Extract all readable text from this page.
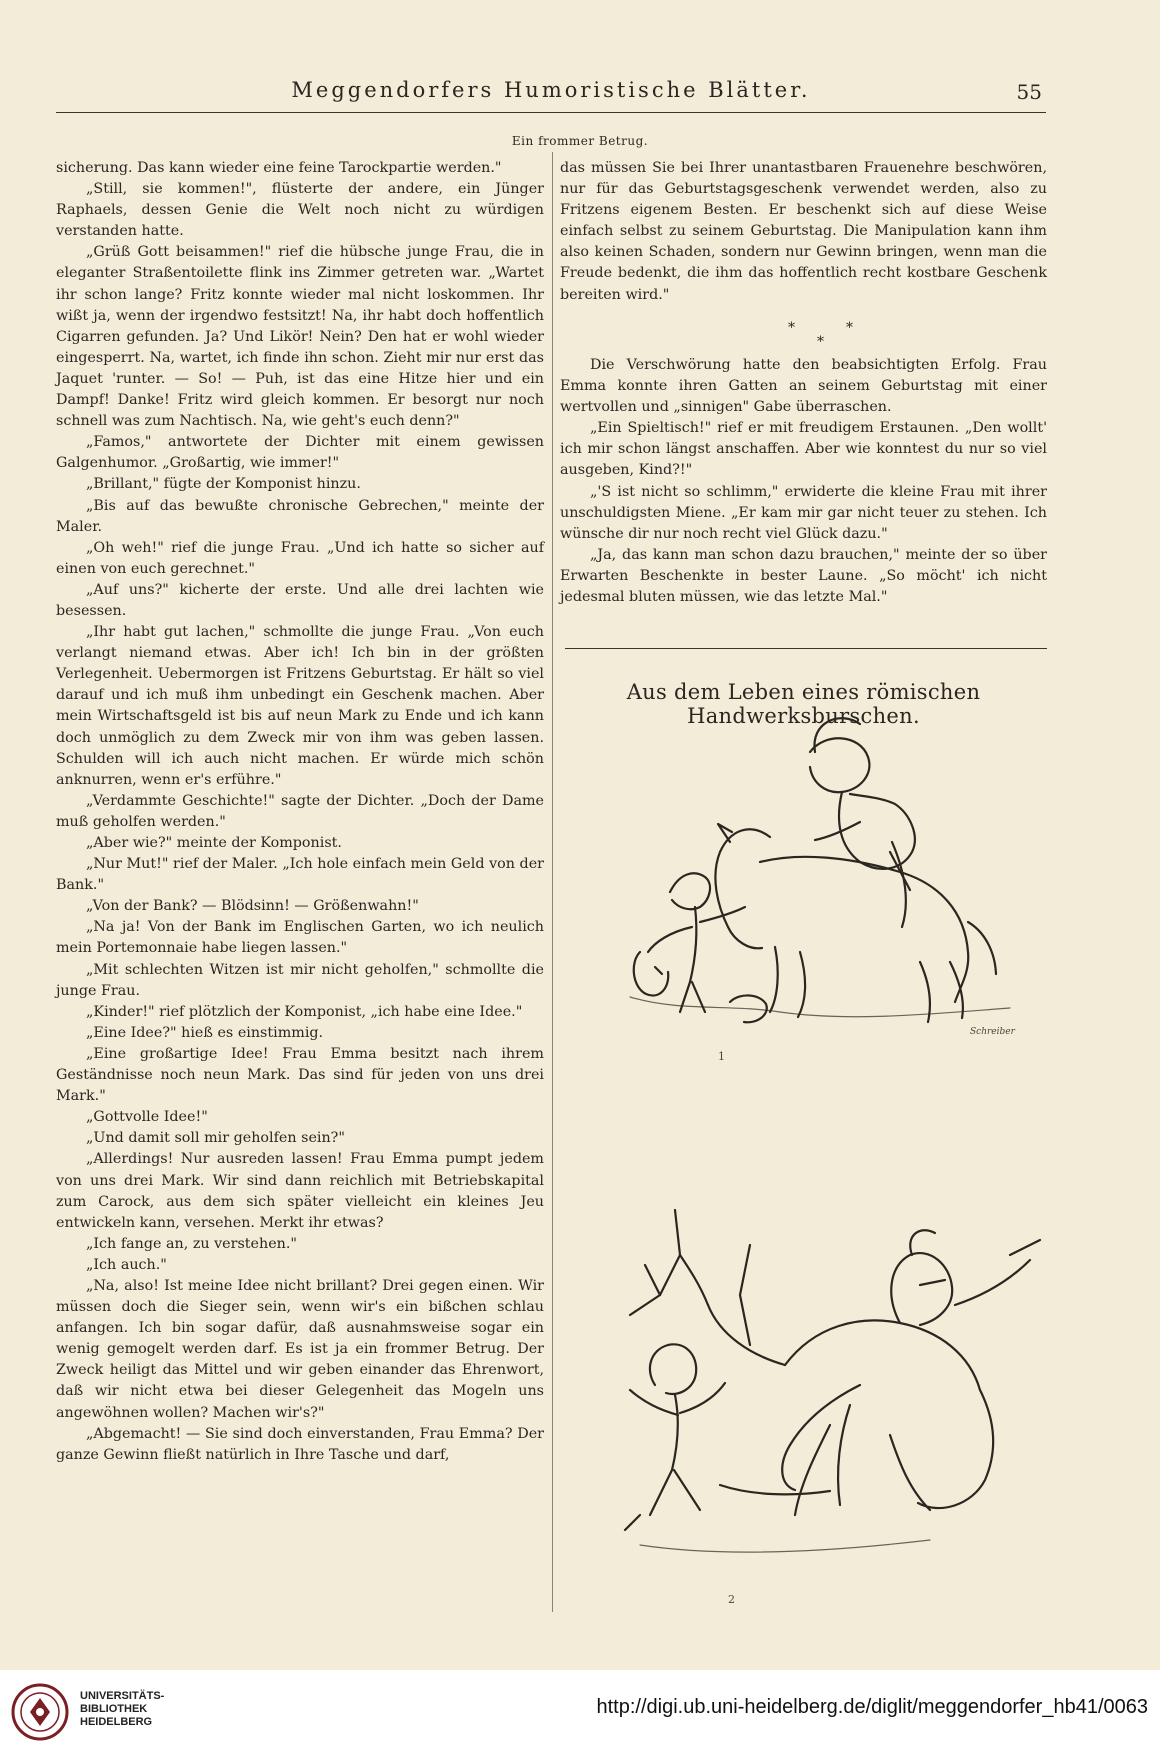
Meggendorfers Humoristische Blätter.	55
Ein frommer Betrug.

sicherung. Das kann wieder eine feine Tarockpartie werden."

„Still, sie kommen!", flüsterte der andere, ein Jünger Raphaels, dessen Genie die Welt noch nicht zu würdigen verstanden hatte.

„Grüß Gott beisammen!" rief die hübsche junge Frau, die in eleganter Straßentoilette flink ins Zimmer getreten war. „Wartet ihr schon lange? Fritz konnte wieder mal nicht loskommen. Ihr wißt ja, wenn der irgendwo festsitzt! Na, ihr habt doch hoffentlich Cigarren gefunden. Ja? Und Likör! Nein? Den hat er wohl wieder eingesperrt. Na, wartet, ich finde ihn schon. Zieht mir nur erst das Jaquet 'runter. — So! — Puh, ist das eine Hitze hier und ein Dampf! Danke! Fritz wird gleich kommen. Er besorgt nur noch schnell was zum Nachtisch. Na, wie geht's euch denn?"

„Famos," antwortete der Dichter mit einem gewissen Galgenhumor. „Großartig, wie immer!"

„Brillant," fügte der Komponist hinzu.

„Bis auf das bewußte chronische Gebrechen," meinte der Maler.

„Oh weh!" rief die junge Frau. „Und ich hatte so sicher auf einen von euch gerechnet."

„Auf uns?" kicherte der erste. Und alle drei lachten wie besessen.

„Ihr habt gut lachen," schmollte die junge Frau. „Von euch verlangt niemand etwas. Aber ich! Ich bin in der größten Verlegenheit. Uebermorgen ist Fritzens Geburtstag. Er hält so viel darauf und ich muß ihm unbedingt ein Geschenk machen. Aber mein Wirtschaftsgeld ist bis auf neun Mark zu Ende und ich kann doch unmöglich zu dem Zweck mir von ihm was geben lassen. Schulden will ich auch nicht machen. Er würde mich schön anknurren, wenn er's erführe."

„Verdammte Geschichte!" sagte der Dichter. „Doch der Dame muß geholfen werden."

„Aber wie?" meinte der Komponist.

„Nur Mut!" rief der Maler. „Ich hole einfach mein Geld von der Bank."

„Von der Bank? — Blödsinn! — Größenwahn!"

„Na ja! Von der Bank im Englischen Garten, wo ich neulich mein Portemonnaie habe liegen lassen."

„Mit schlechten Witzen ist mir nicht geholfen," schmollte die junge Frau.

„Kinder!" rief plötzlich der Komponist, „ich habe eine Idee."

„Eine Idee?" hieß es einstimmig.

„Eine großartige Idee! Frau Emma besitzt nach ihrem Geständnisse noch neun Mark. Das sind für jeden von uns drei Mark."

„Gottvolle Idee!"

„Und damit soll mir geholfen sein?"

„Allerdings! Nur ausreden lassen! Frau Emma pumpt jedem von uns drei Mark. Wir sind dann reichlich mit Betriebskapital zum Carock, aus dem sich später vielleicht ein kleines Jeu entwickeln kann, versehen. Merkt ihr etwas?

„Ich fange an, zu verstehen."

„Ich auch."

„Na, also! Ist meine Idee nicht brillant? Drei gegen einen. Wir müssen doch die Sieger sein, wenn wir's ein bißchen schlau anfangen. Ich bin sogar dafür, daß ausnahmsweise sogar ein wenig gemogelt werden darf. Es ist ja ein frommer Betrug. Der Zweck heiligt das Mittel und wir geben einander das Ehrenwort, daß wir nicht etwa bei dieser Gelegenheit das Mogeln uns angewöhnen wollen? Machen wir's?"

„Abgemacht! — Sie sind doch einverstanden, Frau Emma? Der ganze Gewinn fließt natürlich in Ihre Tasche und darf,

das müssen Sie bei Ihrer unantastbaren Frauenehre beschwören, nur für das Geburtstagsgeschenk verwendet werden, also zu Fritzens eigenem Besten. Er beschenkt sich auf diese Weise einfach selbst zu seinem Geburtstag. Die Manipulation kann ihm also keinen Schaden, sondern nur Gewinn bringen, wenn man die Freude bedenkt, die ihm das hoffentlich recht kostbare Geschenk bereiten wird."

*	*
*

Die Verschwörung hatte den beabsichtigten Erfolg. Frau Emma konnte ihren Gatten an seinem Geburtstag mit einer wertvollen und „sinnigen" Gabe überraschen.

„Ein Spieltisch!" rief er mit freudigem Erstaunen. „Den wollt' ich mir schon längst anschaffen. Aber wie konntest du nur so viel ausgeben, Kind?!"

„'S ist nicht so schlimm," erwiderte die kleine Frau mit ihrer unschuldigsten Miene. „Er kam mir gar nicht teuer zu stehen. Ich wünsche dir nur noch recht viel Glück dazu."

„Ja, das kann man schon dazu brauchen," meinte der so über Erwarten Beschenkte in bester Laune. „So möcht' ich nicht jedesmal bluten müssen, wie das letzte Mal."

Aus dem Leben eines römischen Handwerksburschen.
Schreiber
1
2
UNIVERSITÄTS-
BIBLIOTHEK
HEIDELBERG
http://digi.ub.uni-heidelberg.de/diglit/meggendorfer_hb41/0063
